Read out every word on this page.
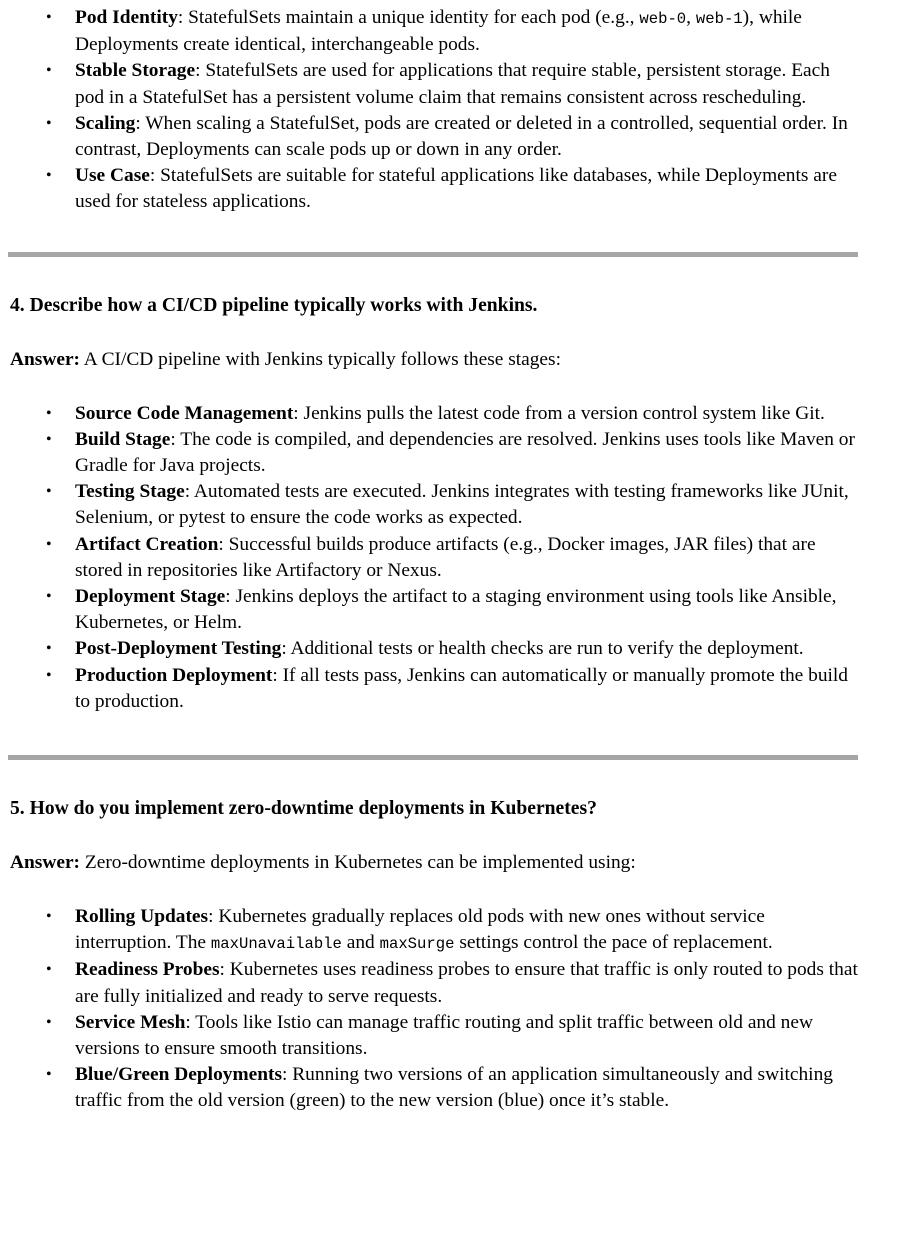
• Pod Identity: StatefulSets maintain a unique identity for each pod (e.g., web-0, web-1), while Deployments create identical, interchangeable pods.
• Stable Storage: StatefulSets are used for applications that require stable, persistent storage. Each pod in a StatefulSet has a persistent volume claim that remains consistent across rescheduling.
• Scaling: When scaling a StatefulSet, pods are created or deleted in a controlled, sequential order. In contrast, Deployments can scale pods up or down in any order.
• Use Case: StatefulSets are suitable for stateful applications like databases, while Deployments are used for stateless applications.

4. Describe how a CI/CD pipeline typically works with Jenkins.

Answer: A CI/CD pipeline with Jenkins typically follows these stages:

• Source Code Management: Jenkins pulls the latest code from a version control system like Git.
• Build Stage: The code is compiled, and dependencies are resolved. Jenkins uses tools like Maven or Gradle for Java projects.
• Testing Stage: Automated tests are executed. Jenkins integrates with testing frameworks like JUnit, Selenium, or pytest to ensure the code works as expected.
• Artifact Creation: Successful builds produce artifacts (e.g., Docker images, JAR files) that are stored in repositories like Artifactory or Nexus.
• Deployment Stage: Jenkins deploys the artifact to a staging environment using tools like Ansible, Kubernetes, or Helm.
• Post-Deployment Testing: Additional tests or health checks are run to verify the deployment.
• Production Deployment: If all tests pass, Jenkins can automatically or manually promote the build to production.

5. How do you implement zero-downtime deployments in Kubernetes?

Answer: Zero-downtime deployments in Kubernetes can be implemented using:

• Rolling Updates: Kubernetes gradually replaces old pods with new ones without service interruption. The maxUnavailable and maxSurge settings control the pace of replacement.
• Readiness Probes: Kubernetes uses readiness probes to ensure that traffic is only routed to pods that are fully initialized and ready to serve requests.
• Service Mesh: Tools like Istio can manage traffic routing and split traffic between old and new versions to ensure smooth transitions.
• Blue/Green Deployments: Running two versions of an application simultaneously and switching traffic from the old version (green) to the new version (blue) once it’s stable.
